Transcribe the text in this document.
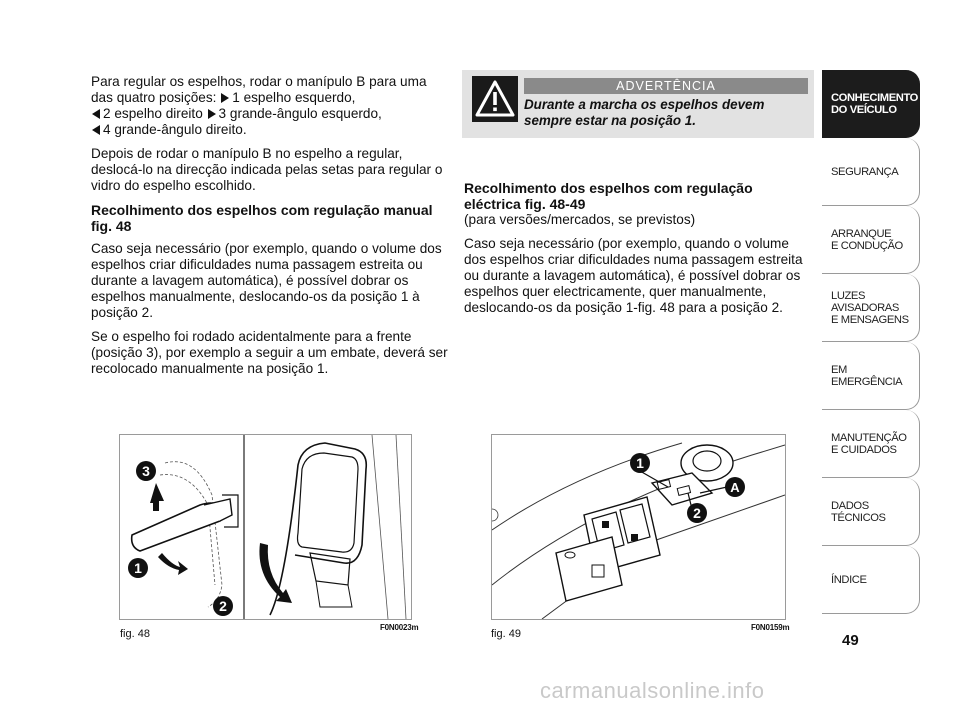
Para regular os espelhos, rodar o manípulo B para uma das quatro posições: 1 espelho esquerdo,
2 espelho direito 3 grande-ângulo esquerdo,
4 grande-ângulo direito.

Depois de rodar o manípulo B no espelho a regular, deslocá-lo na direcção indicada pelas setas para regular o vidro do espelho escolhido.

Recolhimento dos espelhos com regulação manual fig. 48

Caso seja necessário (por exemplo, quando o volume dos espelhos criar dificuldades numa passagem estreita ou durante a lavagem automática), é possível dobrar os espelhos manualmente, deslocando-os da posição 1 à posição 2.

Se o espelho foi rodado acidentalmente para a frente (posição 3), por exemplo a seguir a um embate, deverá ser recolocado manualmente na posição 1.

ADVERTÊNCIA
Durante a marcha os espelhos devem sempre estar na posição 1.
Recolhimento dos espelhos com regulação eléctrica fig. 48-49

(para versões/mercados, se previstos)

Caso seja necessário (por exemplo, quando o volume dos espelhos criar dificuldades numa passagem estreita ou durante a lavagem automática), é possível dobrar os espelhos quer electricamente, quer manualmente, deslocando-os da posição 1-fig. 48 para a posição 2.

CONHECIMENTO
DO VEÍCULO
SEGURANÇA
ARRANQUE
E CONDUÇÃO
LUZES
AVISADORAS
E MENSAGENS
EM EMERGÊNCIA
MANUTENÇÃO
E CUIDADOS
DADOS
TÉCNICOS
ÍNDICE
49
3
1
2
fig. 48
F0N0023m
1
A
2
fig. 49
F0N0159m
carmanualsonline.info
